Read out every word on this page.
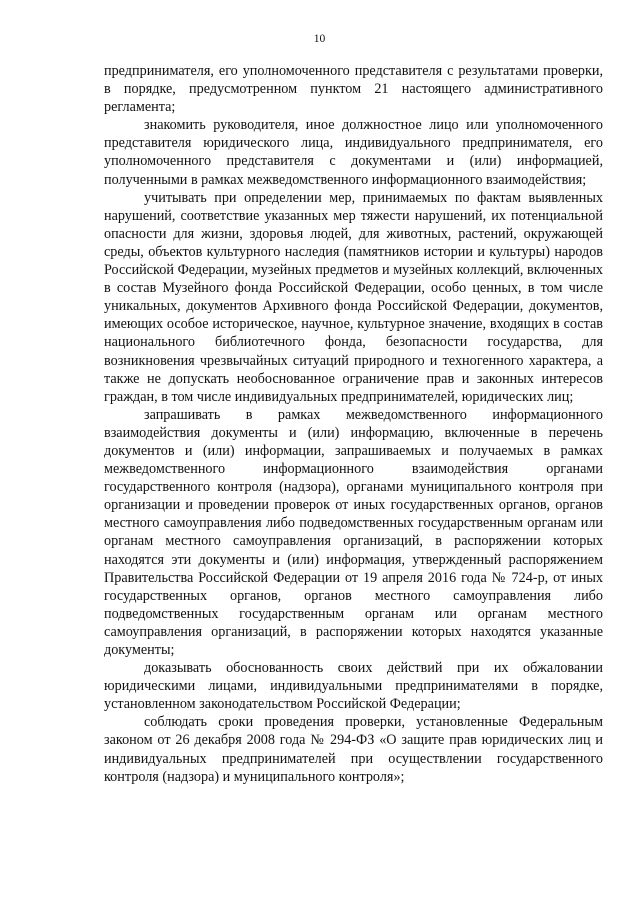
10

предпринимателя, его уполномоченного представителя с результатами проверки, в порядке, предусмотренном пунктом 21 настоящего административного регламента;

знакомить руководителя, иное должностное лицо или уполномоченного представителя юридического лица, индивидуального предпринимателя, его уполномоченного представителя с документами и (или) информацией, полученными в рамках межведомственного информационного взаимодействия;

учитывать при определении мер, принимаемых по фактам выявленных нарушений, соответствие указанных мер тяжести нарушений, их потенциальной опасности для жизни, здоровья людей, для животных, растений, окружающей среды, объектов культурного наследия (памятников истории и культуры) народов Российской Федерации, музейных предметов и музейных коллекций, включенных в состав Музейного фонда Российской Федерации, особо ценных, в том числе уникальных, документов Архивного фонда Российской Федерации, документов, имеющих особое историческое, научное, культурное значение, входящих в состав национального библиотечного фонда, безопасности государства, для возникновения чрезвычайных ситуаций природного и техногенного характера, а также не допускать необоснованное ограничение прав и законных интересов граждан, в том числе индивидуальных предпринимателей, юридических лиц;

запрашивать в рамках межведомственного информационного взаимодействия документы и (или) информацию, включенные в перечень документов и (или) информации, запрашиваемых и получаемых в рамках межведомственного информационного взаимодействия органами государственного контроля (надзора), органами муниципального контроля при организации и проведении проверок от иных государственных органов, органов местного самоуправления либо подведомственных государственным органам или органам местного самоуправления организаций, в распоряжении которых находятся эти документы и (или) информация, утвержденный распоряжением Правительства Российской Федерации от 19 апреля 2016 года № 724-р, от иных государственных органов, органов местного самоуправления либо подведомственных государственным органам или органам местного самоуправления организаций, в распоряжении которых находятся указанные документы;

доказывать обоснованность своих действий при их обжаловании юридическими лицами, индивидуальными предпринимателями в порядке, установленном законодательством Российской Федерации;

соблюдать сроки проведения проверки, установленные Федеральным законом от 26 декабря 2008 года № 294-ФЗ «О защите прав юридических лиц и индивидуальных предпринимателей при осуществлении государственного контроля (надзора) и муниципального контроля»;
